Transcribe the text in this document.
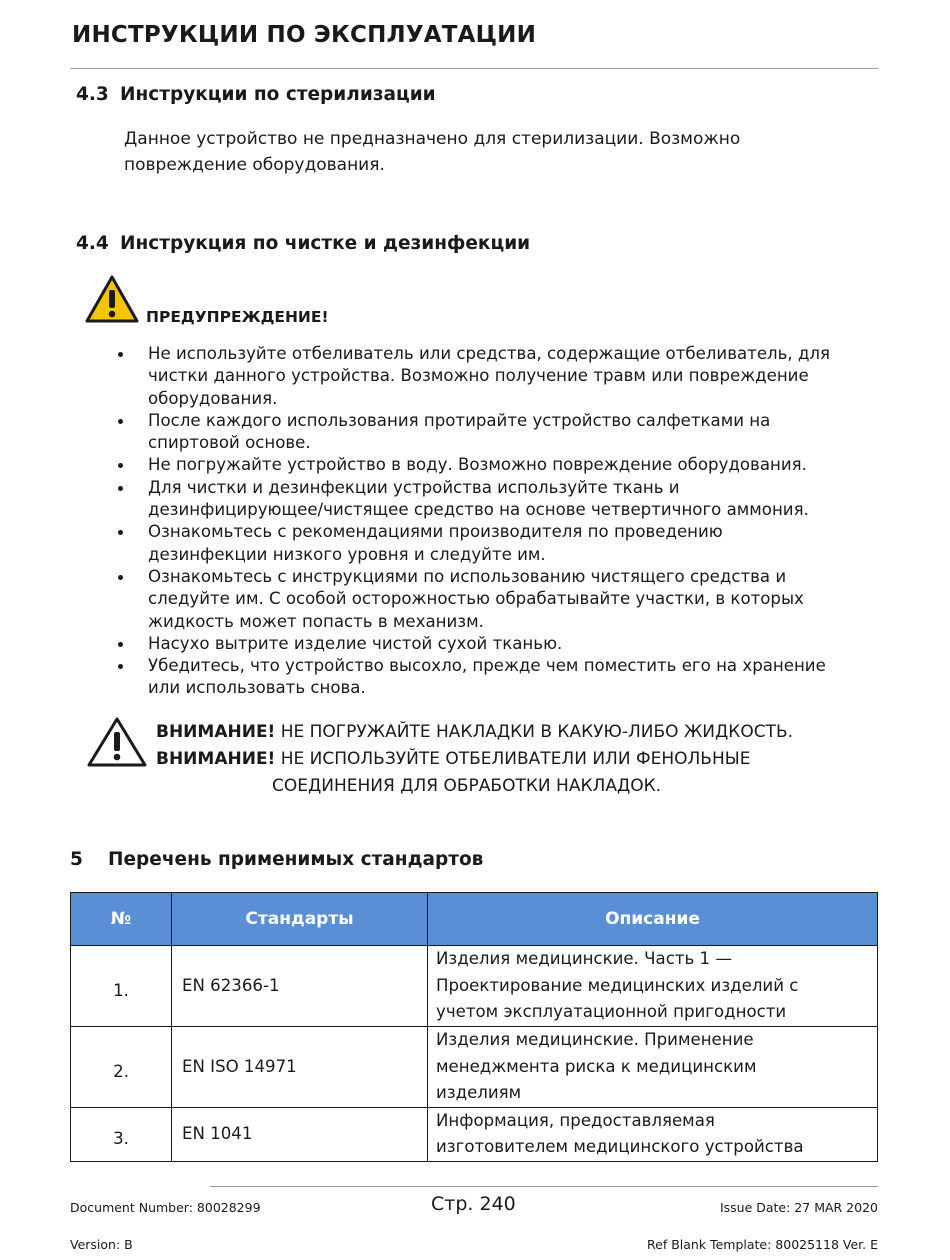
ИНСТРУКЦИИ ПО ЭКСПЛУАТАЦИИ
4.3 Инструкции по стерилизации
Данное устройство не предназначено для стерилизации. Возможно
повреждение оборудования.
4.4 Инструкция по чистке и дезинфекции
ПРЕДУПРЕЖДЕНИЕ!
Не используйте отбеливатель или средства, содержащие отбеливатель, для
чистки данного устройства. Возможно получение травм или повреждение
оборудования.
После каждого использования протирайте устройство салфетками на
спиртовой основе.
Не погружайте устройство в воду. Возможно повреждение оборудования.
Для чистки и дезинфекции устройства используйте ткань и
дезинфицирующее/чистящее средство на основе четвертичного аммония.
Ознакомьтесь с рекомендациями производителя по проведению
дезинфекции низкого уровня и следуйте им.
Ознакомьтесь с инструкциями по использованию чистящего средства и
следуйте им. С особой осторожностью обрабатывайте участки, в которых
жидкость может попасть в механизм.
Насухо вытрите изделие чистой сухой тканью.
Убедитесь, что устройство высохло, прежде чем поместить его на хранение
или использовать снова.
ВНИМАНИЕ! НЕ ПОГРУЖАЙТЕ НАКЛАДКИ В КАКУЮ-ЛИБО ЖИДКОСТЬ.
ВНИМАНИЕ! НЕ ИСПОЛЬЗУЙТЕ ОТБЕЛИВАТЕЛИ ИЛИ ФЕНОЛЬНЫЕ
СОЕДИНЕНИЯ ДЛЯ ОБРАБОТКИ НАКЛАДОК.
5 Перечень применимых стандартов
№	Стандарты	Описание
1.	EN 62366-1	Изделия медицинские. Часть 1 —
Проектирование медицинских изделий с
учетом эксплуатационной пригодности

2.	EN ISO 14971	Изделия медицинские. Применение
менеджмента риска к медицинским
изделиям

3.	EN 1041	Информация, предоставляемая
изготовителем медицинского устройства
Document Number: 80028299	Стр. 240	Issue Date: 27 MAR 2020
Version: B	Ref Blank Template: 80025118 Ver. E
